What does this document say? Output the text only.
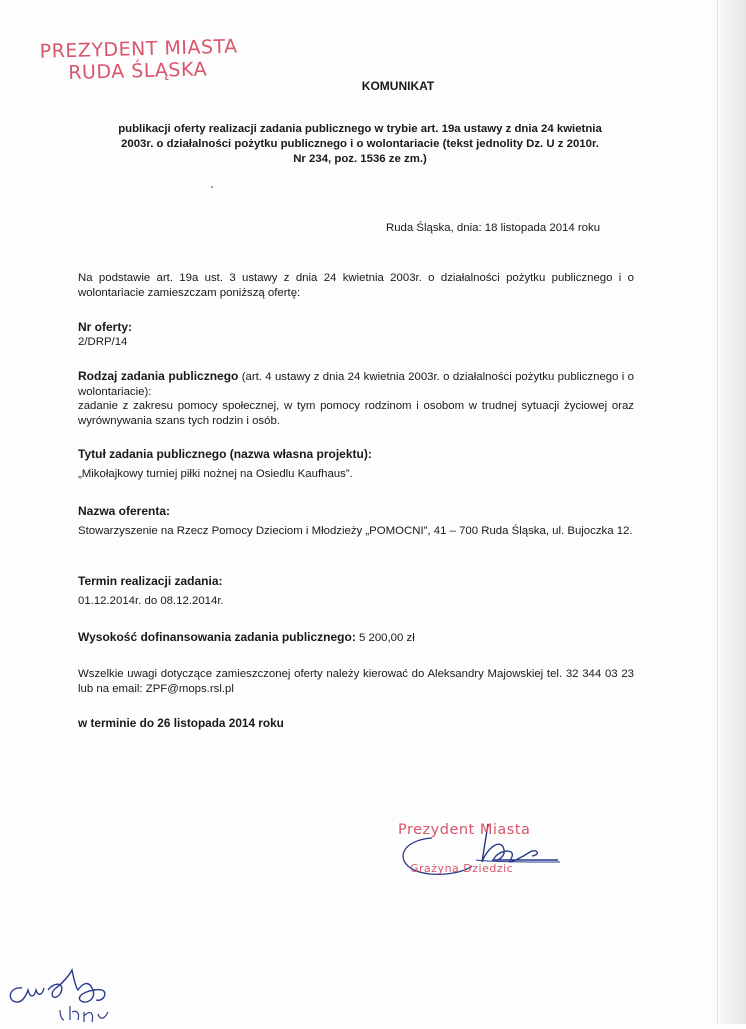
PREZYDENT MIASTA
RUDA ŚLĄSKA
KOMUNIKAT
publikacji oferty realizacji zadania publicznego w trybie art. 19a ustawy z dnia 24 kwietnia
2003r. o działalności pożytku publicznego i o wolontariacie (tekst jednolity Dz. U z 2010r.
Nr 234, poz. 1536 ze zm.)
Ruda Śląska, dnia: 18 listopada 2014 roku
Na podstawie art. 19a ust. 3 ustawy z dnia 24 kwietnia 2003r. o działalności pożytku publicznego i o wolontariacie zamieszczam poniższą ofertę:
Nr oferty:
2/DRP/14
Rodzaj zadania publicznego (art. 4 ustawy z dnia 24 kwietnia 2003r. o działalności pożytku publicznego i o wolontariacie):
zadanie z zakresu pomocy społecznej, w tym pomocy rodzinom i osobom w trudnej sytuacji życiowej oraz wyrównywania szans tych rodzin i osób.
Tytuł zadania publicznego (nazwa własna projektu):
„Mikołajkowy turniej piłki nożnej na Osiedlu Kaufhaus”.
Nazwa oferenta:
Stowarzyszenie na Rzecz Pomocy Dzieciom i Młodzieży „POMOCNI”, 41 – 700 Ruda Śląska, ul. Bujoczka 12.
Termin realizacji zadania:
01.12.2014r. do 08.12.2014r.
Wysokość dofinansowania zadania publicznego: 5 200,00 zł
Wszelkie uwagi dotyczące zamieszczonej oferty należy kierować do Aleksandry Majowskiej tel. 32 344 03 23 lub na email: ZPF@mops.rsl.pl
w terminie do 26 listopada 2014 roku
Prezydent Miasta
Grażyna Dziedzic
